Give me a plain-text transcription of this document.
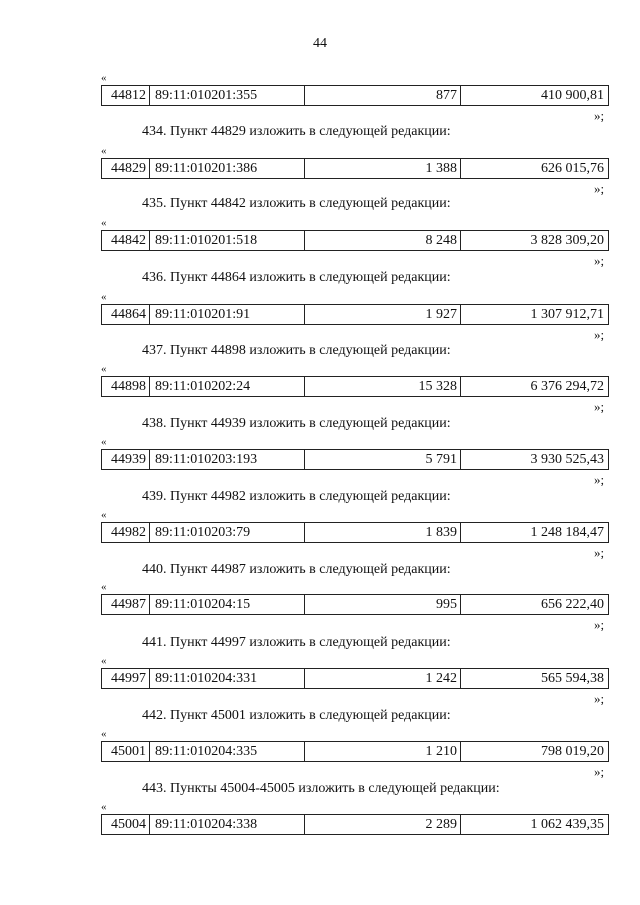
44
«
44812 89:11:010201:355	877	410 900,81
»;
434. Пункт 44829 изложить в следующей редакции:
«
44829 89:11:010201:386	1 388	626 015,76
»;
435. Пункт 44842 изложить в следующей редакции:
«
44842 89:11:010201:518	8 248	3 828 309,20
»;
436. Пункт 44864 изложить в следующей редакции:
«
44864 89:11:010201:91	1 927	1 307 912,71
»;
437. Пункт 44898 изложить в следующей редакции:
«
44898 89:11:010202:24	15 328	6 376 294,72
»;
438. Пункт 44939 изложить в следующей редакции:
«
44939 89:11:010203:193	5 791	3 930 525,43
»;
439. Пункт 44982 изложить в следующей редакции:
«
44982 89:11:010203:79	1 839	1 248 184,47
»;
440. Пункт 44987 изложить в следующей редакции:
«
44987 89:11:010204:15	995	656 222,40
»;
441. Пункт 44997 изложить в следующей редакции:
«
44997 89:11:010204:331	1 242	565 594,38
»;
442. Пункт 45001 изложить в следующей редакции:
«
45001 89:11:010204:335	1 210	798 019,20
»;
443. Пункты 45004-45005 изложить в следующей редакции:
«
45004 89:11:010204:338	2 289	1 062 439,35
